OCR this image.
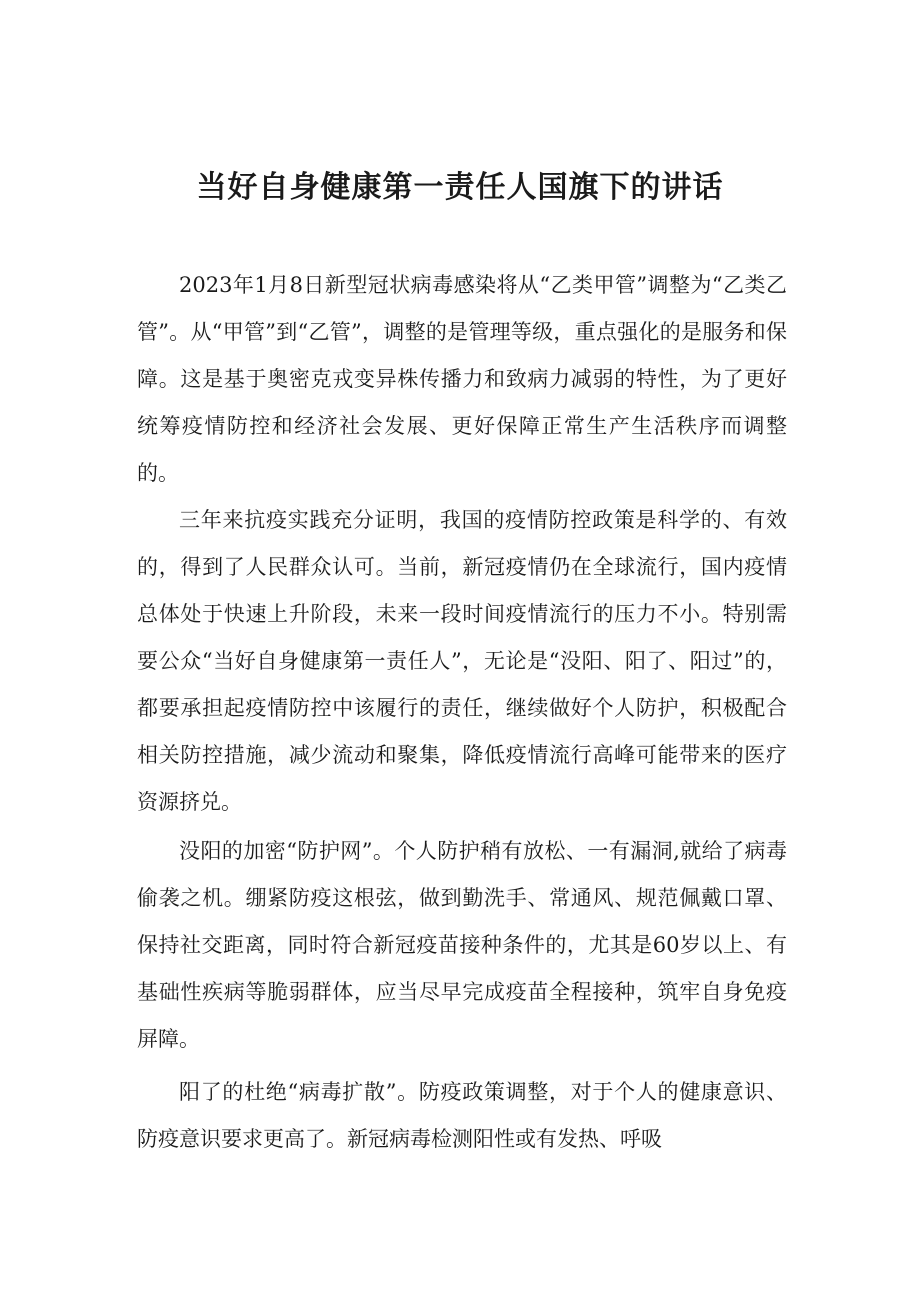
当好自身健康第一责任人国旗下的讲话

2023年1月8日新型冠状病毒感染将从“乙类甲管”调整为“乙类乙管”。从“甲管”到“乙管”，调整的是管理等级，重点强化的是服务和保障。这是基于奥密克戎变异株传播力和致病力减弱的特性，为了更好统筹疫情防控和经济社会发展、更好保障正常生产生活秩序而调整的。

三年来抗疫实践充分证明，我国的疫情防控政策是科学的、有效的，得到了人民群众认可。当前，新冠疫情仍在全球流行，国内疫情总体处于快速上升阶段，未来一段时间疫情流行的压力不小。特别需要公众“当好自身健康第一责任人”，无论是“没阳、阳了、阳过”的，都要承担起疫情防控中该履行的责任，继续做好个人防护，积极配合相关防控措施，减少流动和聚集，降低疫情流行高峰可能带来的医疗资源挤兑。

没阳的加密“防护网”。个人防护稍有放松、一有漏洞,就给了病毒偷袭之机。绷紧防疫这根弦，做到勤洗手、常通风、规范佩戴口罩、保持社交距离，同时符合新冠疫苗接种条件的，尤其是60岁以上、有基础性疾病等脆弱群体，应当尽早完成疫苗全程接种，筑牢自身免疫屏障。

阳了的杜绝“病毒扩散”。防疫政策调整，对于个人的健康意识、防疫意识要求更高了。新冠病毒检测阳性或有发热、呼吸
